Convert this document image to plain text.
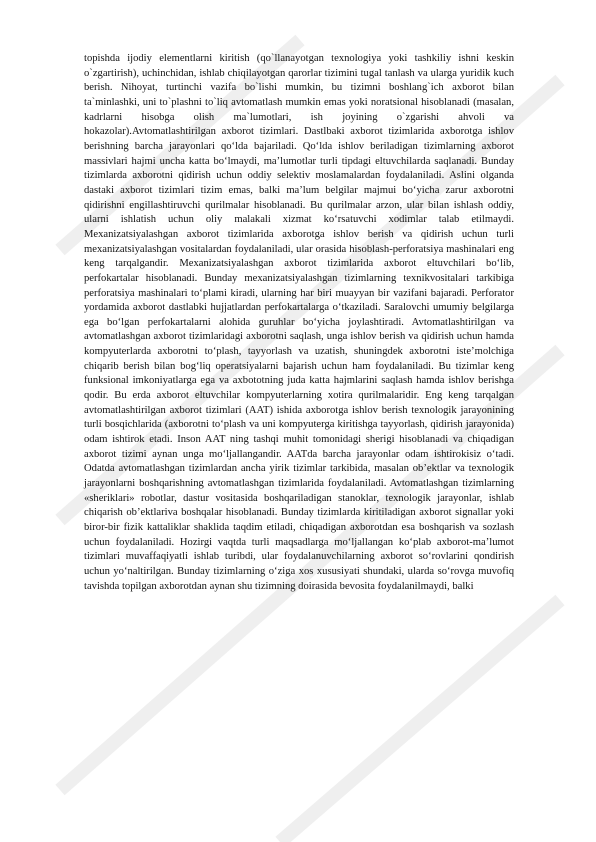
topishda ijodiy elementlarni kiritish (qo`llanayotgan texnologiya yoki tashkiliy ishni keskin o`zgartirish), uchinchidan, ishlab chiqilayotgan qarorlar tizimini tugal tanlash va ularga yuridik kuch berish. Nihoyat, turtinchi vazifa bo`lishi mumkin, bu tizimni boshlang`ich axborot bilan ta`minlashki, uni to`plashni to`liq avtomatlash mumkin emas yoki noratsional hisoblanadi (masalan, kadrlarni hisobga olish ma`lumotlari, ish joyining o`zgarishi ahvoli va hokazolar).Avtomatlashtirilgan axborot tizimlari. Dastlbaki axborot tizimlarida axborotga ishlov berishning barcha jarayonlari qo‘lda bajariladi. Qo‘lda ishlov beriladigan tizimlarning axborot massivlari hajmi uncha katta bo‘lmaydi, ma’lumotlar turli tipdagi eltuvchilarda saqlanadi. Bunday tizimlarda axborotni qidirish uchun oddiy selektiv moslamalardan foydalaniladi. Aslini olganda dastaki axborot tizimlari tizim emas, balki ma’lum belgilar majmui bo‘yicha zarur axborotni qidirishni engillashtiruvchi qurilmalar hisoblanadi. Bu qurilmalar arzon, ular bilan ishlash oddiy, ularni ishlatish uchun oliy malakali xizmat ko‘rsatuvchi xodimlar talab etilmaydi. Mexanizatsiyalashgan axborot tizimlarida axborotga ishlov berish va qidirish uchun turli mexanizatsiyalashgan vositalardan foydalaniladi, ular orasida hisoblash-perforatsiya mashinalari eng keng tarqalgandir. Mexanizatsiyalashgan axborot tizimlarida axborot eltuvchilari bo‘lib, perfokartalar hisoblanadi. Bunday mexanizatsiyalashgan tizimlarning texnikvositalari tarkibiga perforatsiya mashinalari to‘plami kiradi, ularning har biri muayyan bir vazifani bajaradi. Perforator yordamida axborot dastlabki hujjatlardan perfokartalarga o‘tkaziladi. Saralovchi umumiy belgilarga ega bo‘lgan perfokartalarni alohida guruhlar bo‘yicha joylashtiradi. Avtomatlashtirilgan va avtomatlashgan axborot tizimlaridagi axborotni saqlash, unga ishlov berish va qidirish uchun hamda kompyuterlarda axborotni to‘plash, tayyorlash va uzatish, shuningdek axborotni iste’molchiga chiqarib berish bilan bog‘liq operatsiyalarni bajarish uchun ham foydalaniladi. Bu tizimlar keng funksional imkoniyatlarga ega va axbototning juda katta hajmlarini saqlash hamda ishlov berishga qodir. Bu erda axborot eltuvchilar kompyuterlarning xotira qurilmalaridir. Eng keng tarqalgan avtomatlashtirilgan axborot tizimlari (AAT) ishida axborotga ishlov berish texnologik jarayonining turli bosqichlarida (axborotni to‘plash va uni kompyuterga kiritishga tayyorlash, qidirish jarayonida) odam ishtirok etadi. Inson AAT ning tashqi muhit tomonidagi sherigi hisoblanadi va chiqadigan axborot tizimi aynan unga mo‘ljallangandir. AATda barcha jarayonlar odam ishtirokisiz o‘tadi. Odatda avtomatlashgan tizimlardan ancha yirik tizimlar tarkibida, masalan ob’ektlar va texnologik jarayonlarni boshqarishning avtomatlashgan tizimlarida foydalaniladi. Avtomatlashgan tizimlarning «sheriklari» robotlar, dastur vositasida boshqariladigan stanoklar, texnologik jarayonlar, ishlab chiqarish ob’ektlariva boshqalar hisoblanadi. Bunday tizimlarda kiritiladigan axborot signallar yoki biror-bir fizik kattaliklar shaklida taqdim etiladi, chiqadigan axborotdan esa boshqarish va sozlash uchun foydalaniladi. Hozirgi vaqtda turli maqsadlarga mo‘ljallangan ko‘plab axborot-ma’lumot tizimlari muvaffaqiyatli ishlab turibdi, ular foydalanuvchilarning axborot so‘rovlarini qondirish uchun yo‘naltirilgan. Bunday tizimlarning o‘ziga xos xususiyati shundaki, ularda so‘rovga muvofiq tavishda topilgan axborotdan aynan shu tizimning doirasida bevosita foydalanilmaydi, balki
